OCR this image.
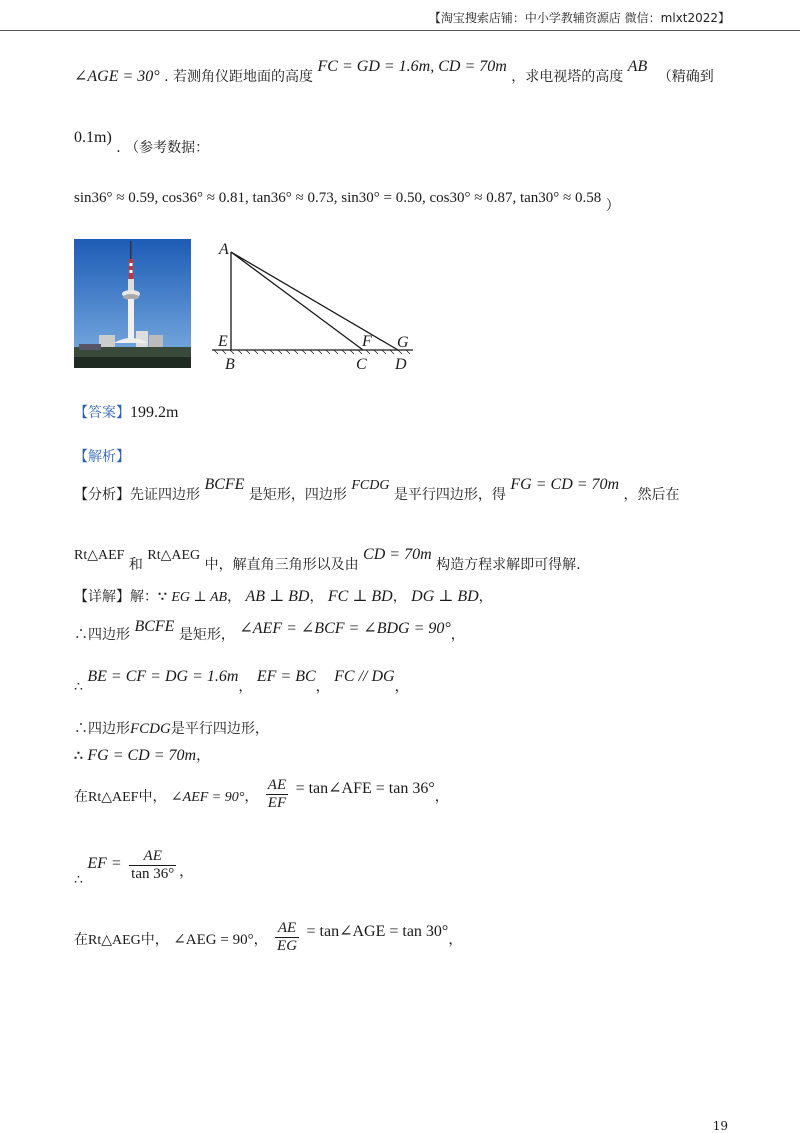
【淘宝搜索店铺：中小学教辅资源店 微信：mlxt2022】
∠AGE = 30° . 若测角仪距地面的高度 FC = GD = 1.6m, CD = 70m ，求电视塔的高度 AB （精确到
0.1m) . （参考数据：
sin36° ≈ 0.59, cos36° ≈ 0.81, tan36° ≈ 0.73, sin30° = 0.50, cos30° ≈ 0.87, tan30° ≈ 0.58 ）
A
E
B
F
C
G
D
【答案】199.2m
【解析】
【分析】先证四边形 BCFE 是矩形，四边形 FCDG 是平行四边形，得 FG = CD = 70m ，然后在
Rt△AEF 和 Rt△AEG 中，解直角三角形以及由 CD = 70m 构造方程求解即可得解.
【详解】解：∵ EG ⊥ AB， AB ⊥ BD， FC ⊥ BD， DG ⊥ BD，
∴四边形 BCFE 是矩形， ∠AEF = ∠BCF = ∠BDG = 90°，
∴ BE = CF = DG = 1.6m， EF = BC， FC // DG，
∴四边形FCDG是平行四边形，
∴ FG = CD = 70m，
在Rt△AEF中， ∠AEF = 90°， $\frac{AE}{EF}$ = tan∠AFE = tan 36°，
∴ EF = $\frac{AE}{\tan 36^\circ}$ ，
在Rt△AEG中， ∠AEG = 90°， $\frac{AE}{EG}$ = tan∠AGE = tan 30°，
19
